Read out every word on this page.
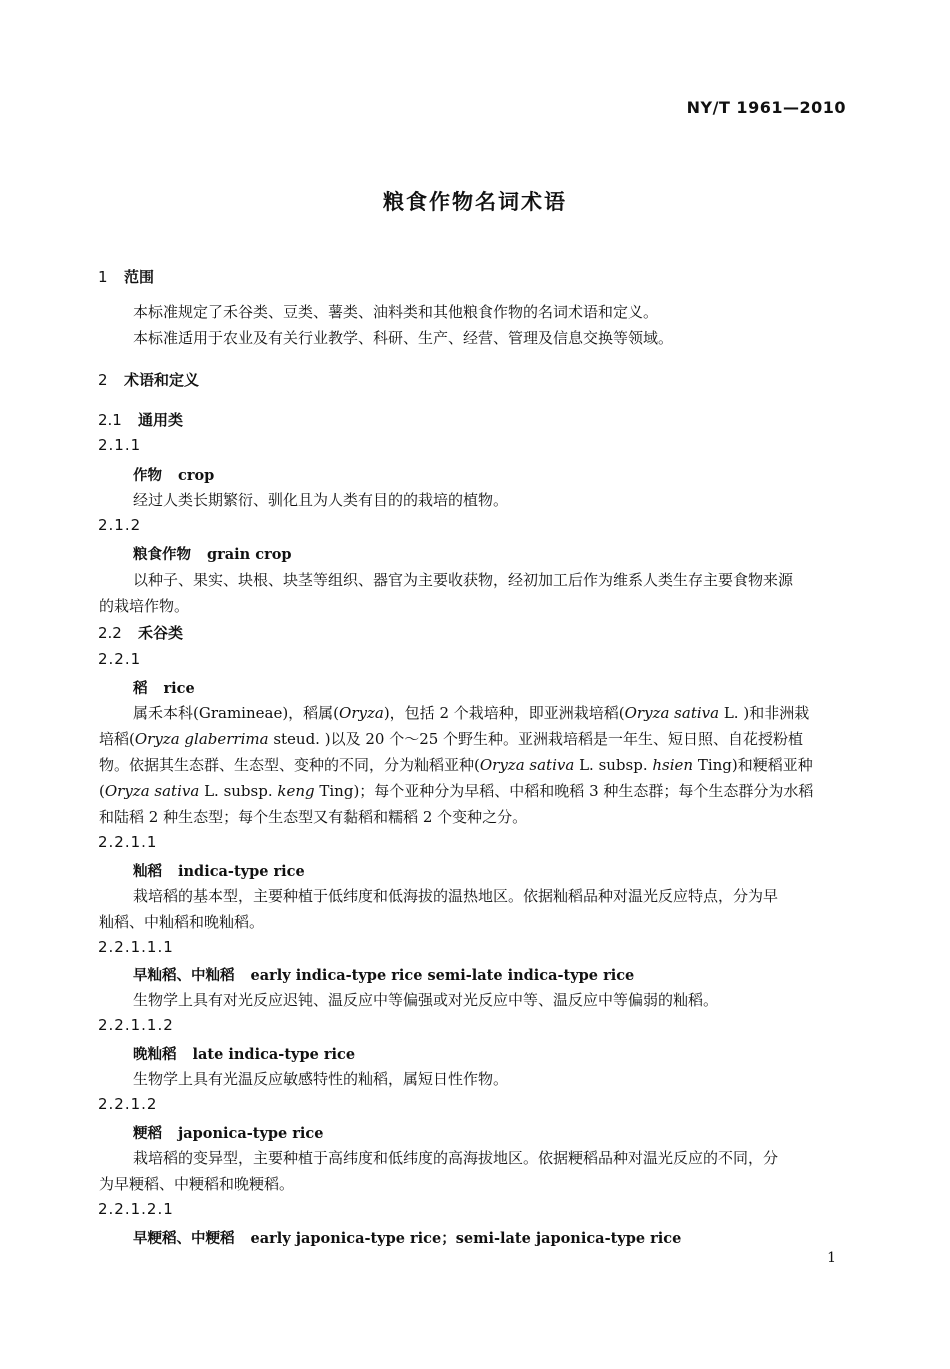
NY/T 1961—2010
粮食作物名词术语
1 范围
本标准规定了禾谷类、豆类、薯类、油料类和其他粮食作物的名词术语和定义。
本标准适用于农业及有关行业教学、科研、生产、经营、管理及信息交换等领域。
2 术语和定义
2.1 通用类
2.1.1
作物 crop
经过人类长期繁衍、驯化且为人类有目的的栽培的植物。
2.1.2
粮食作物 grain crop
以种子、果实、块根、块茎等组织、器官为主要收获物，经初加工后作为维系人类生存主要食物来源
的栽培作物。
2.2 禾谷类
2.2.1
稻 rice
属禾本科(Gramineae)，稻属(Oryza)，包括 2 个栽培种，即亚洲栽培稻(Oryza sativa L. )和非洲栽
培稻(Oryza glaberrima steud. )以及 20 个～25 个野生种。亚洲栽培稻是一年生、短日照、自花授粉植
物。依据其生态群、生态型、变种的不同，分为籼稻亚种(Oryza sativa L. subsp. hsien Ting)和粳稻亚种
(Oryza sativa L. subsp. keng Ting)；每个亚种分为早稻、中稻和晚稻 3 种生态群；每个生态群分为水稻
和陆稻 2 种生态型；每个生态型又有黏稻和糯稻 2 个变种之分。
2.2.1.1
籼稻 indica-type rice
栽培稻的基本型，主要种植于低纬度和低海拔的温热地区。依据籼稻品种对温光反应特点，分为早
籼稻、中籼稻和晚籼稻。
2.2.1.1.1
早籼稻、中籼稻 early indica-type rice semi-late indica-type rice
生物学上具有对光反应迟钝、温反应中等偏强或对光反应中等、温反应中等偏弱的籼稻。
2.2.1.1.2
晚籼稻 late indica-type rice
生物学上具有光温反应敏感特性的籼稻，属短日性作物。
2.2.1.2
粳稻 japonica-type rice
栽培稻的变异型，主要种植于高纬度和低纬度的高海拔地区。依据粳稻品种对温光反应的不同，分
为早粳稻、中粳稻和晚粳稻。
2.2.1.2.1
早粳稻、中粳稻 early japonica-type rice；semi-late japonica-type rice
1
